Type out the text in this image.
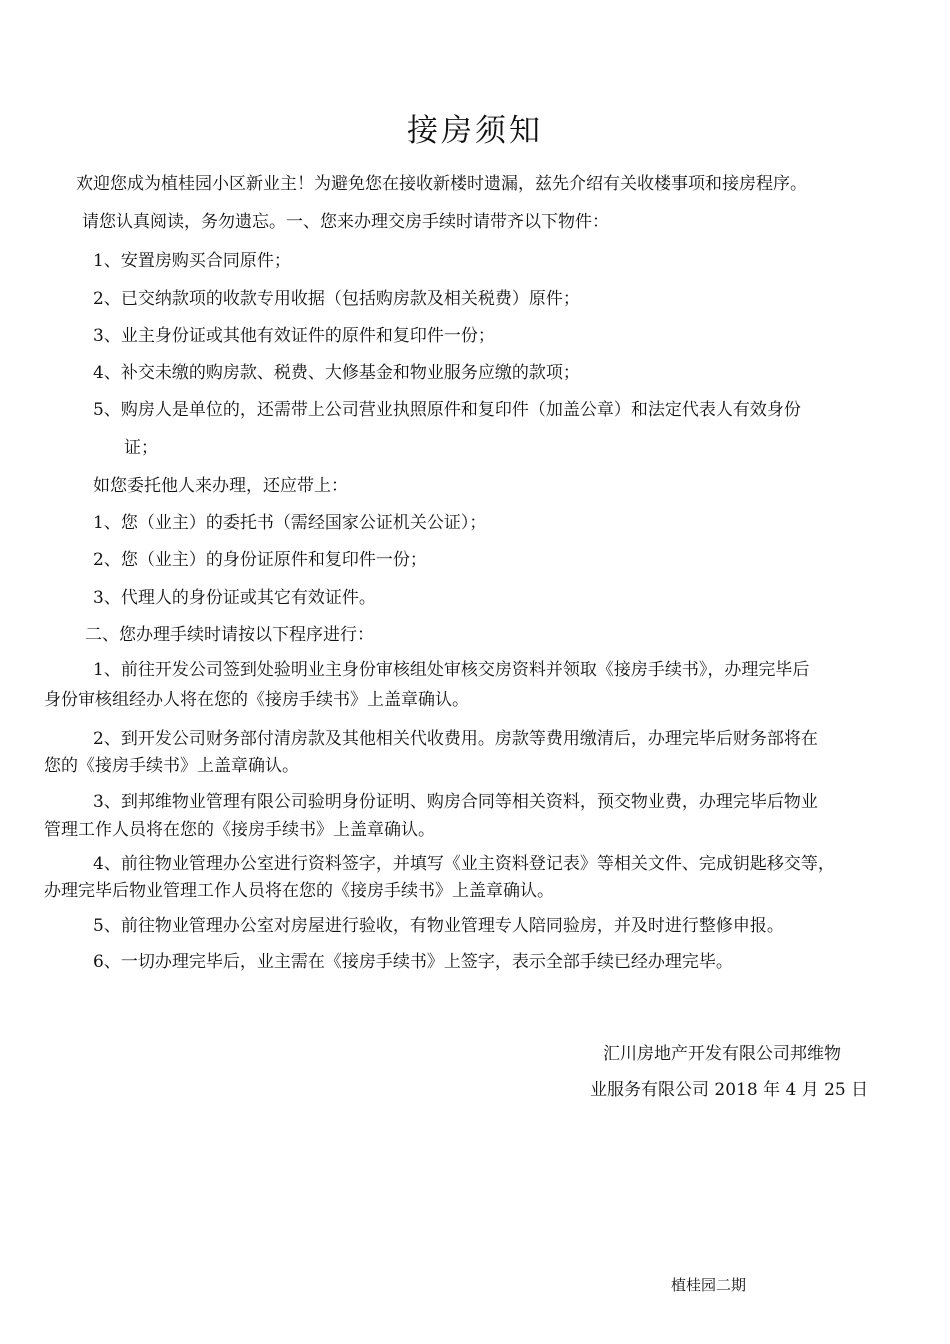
接房须知
欢迎您成为植桂园小区新业主！为避免您在接收新楼时遗漏，兹先介绍有关收楼事项和接房程序。
请您认真阅读，务勿遗忘。一、您来办理交房手续时请带齐以下物件：
1、安置房购买合同原件；
2、已交纳款项的收款专用收据（包括购房款及相关税费）原件；
3、业主身份证或其他有效证件的原件和复印件一份；
4、补交未缴的购房款、税费、大修基金和物业服务应缴的款项；
5、购房人是单位的，还需带上公司营业执照原件和复印件（加盖公章）和法定代表人有效身份
证；
如您委托他人来办理，还应带上：
1、您（业主）的委托书（需经国家公证机关公证）；
2、您（业主）的身份证原件和复印件一份；
3、代理人的身份证或其它有效证件。
二、您办理手续时请按以下程序进行：
1、前往开发公司签到处验明业主身份审核组处审核交房资料并领取《接房手续书》，办理完毕后
身份审核组经办人将在您的《接房手续书》上盖章确认。
2、到开发公司财务部付清房款及其他相关代收费用。房款等费用缴清后，办理完毕后财务部将在
您的《接房手续书》上盖章确认。
3、到邦维物业管理有限公司验明身份证明、购房合同等相关资料，预交物业费，办理完毕后物业
管理工作人员将在您的《接房手续书》上盖章确认。
4、前往物业管理办公室进行资料签字，并填写《业主资料登记表》等相关文件、完成钥匙移交等，
办理完毕后物业管理工作人员将在您的《接房手续书》上盖章确认。
5、前往物业管理办公室对房屋进行验收，有物业管理专人陪同验房，并及时进行整修申报。
6、一切办理完毕后，业主需在《接房手续书》上签字，表示全部手续已经办理完毕。
汇川房地产开发有限公司邦维物
业服务有限公司 2018 年 4 月 25 日
植桂园二期
